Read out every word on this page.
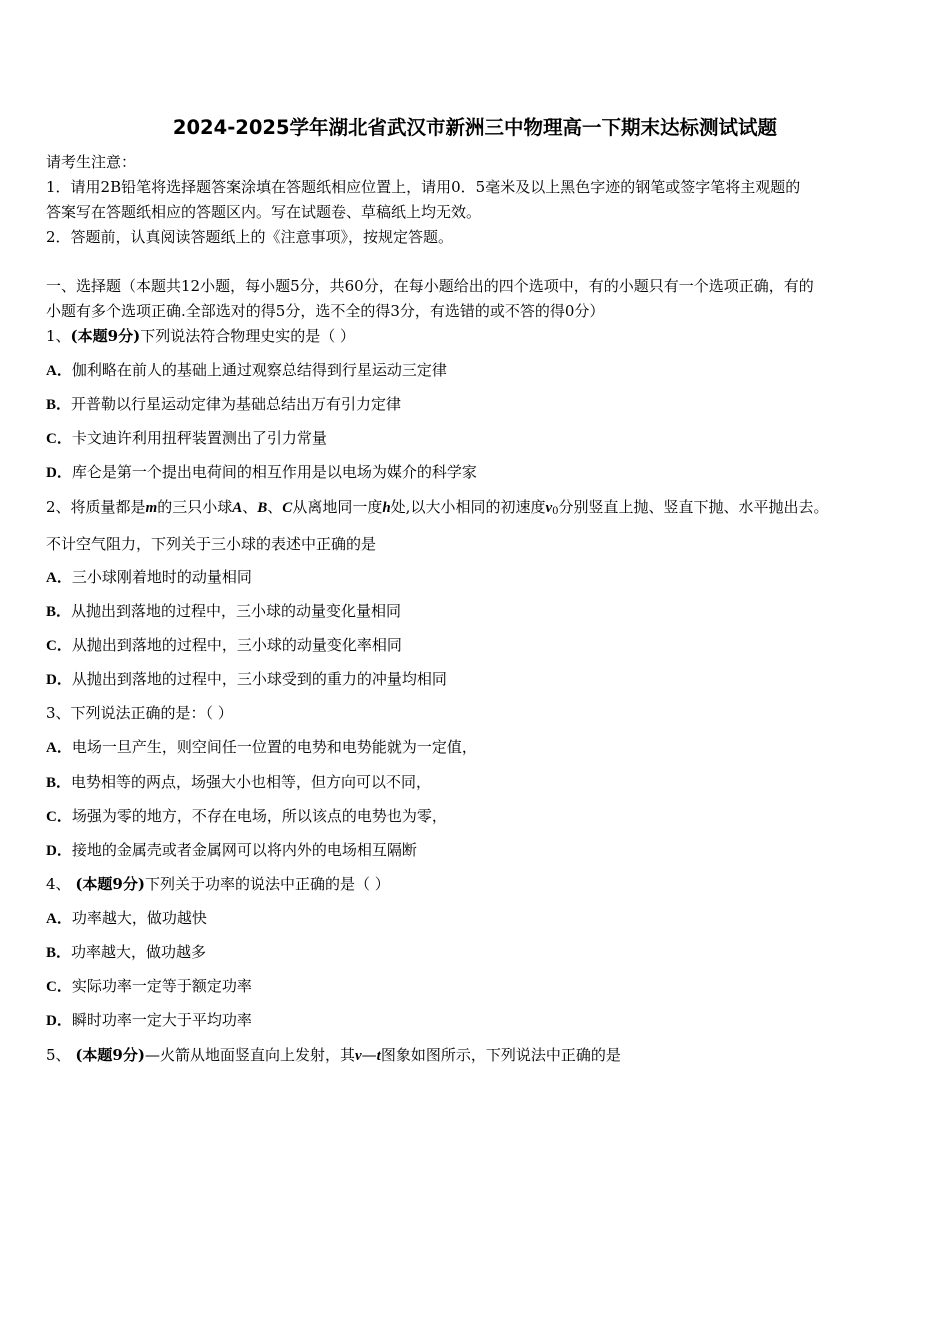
2024-2025学年湖北省武汉市新洲三中物理高一下期末达标测试试题
请考生注意：
1．请用2B铅笔将选择题答案涂填在答题纸相应位置上，请用0．5毫米及以上黑色字迹的钢笔或签字笔将主观题的
答案写在答题纸相应的答题区内。写在试题卷、草稿纸上均无效。
2．答题前，认真阅读答题纸上的《注意事项》，按规定答题。
一、选择题（本题共12小题，每小题5分，共60分，在每小题给出的四个选项中，有的小题只有一个选项正确，有的
小题有多个选项正确.全部选对的得5分，选不全的得3分，有选错的或不答的得0分）
1、(本题9分)下列说法符合物理史实的是（ ）
A．伽利略在前人的基础上通过观察总结得到行星运动三定律
B．开普勒以行星运动定律为基础总结出万有引力定律
C．卡文迪许利用扭秤装置测出了引力常量
D．库仑是第一个提出电荷间的相互作用是以电场为媒介的科学家
2、将质量都是m的三只小球A、B、C从离地同一度h处,以大小相同的初速度$v_0$分别竖直上抛、竖直下抛、水平抛出去。
不计空气阻力，下列关于三小球的表述中正确的是
A．三小球刚着地时的动量相同
B．从抛出到落地的过程中，三小球的动量变化量相同
C．从抛出到落地的过程中，三小球的动量变化率相同
D．从抛出到落地的过程中，三小球受到的重力的冲量均相同
3、下列说法正确的是：（ ）
A．电场一旦产生，则空间任一位置的电势和电势能就为一定值，
B．电势相等的两点，场强大小也相等，但方向可以不同，
C．场强为零的地方，不存在电场，所以该点的电势也为零，
D．接地的金属壳或者金属网可以将内外的电场相互隔断
4、 (本题9分)下列关于功率的说法中正确的是（ ）
A．功率越大，做功越快
B．功率越大，做功越多
C．实际功率一定等于额定功率
D．瞬时功率一定大于平均功率
5、 (本题9分)—火箭从地面竖直向上发射，其v—t图象如图所示，下列说法中正确的是
